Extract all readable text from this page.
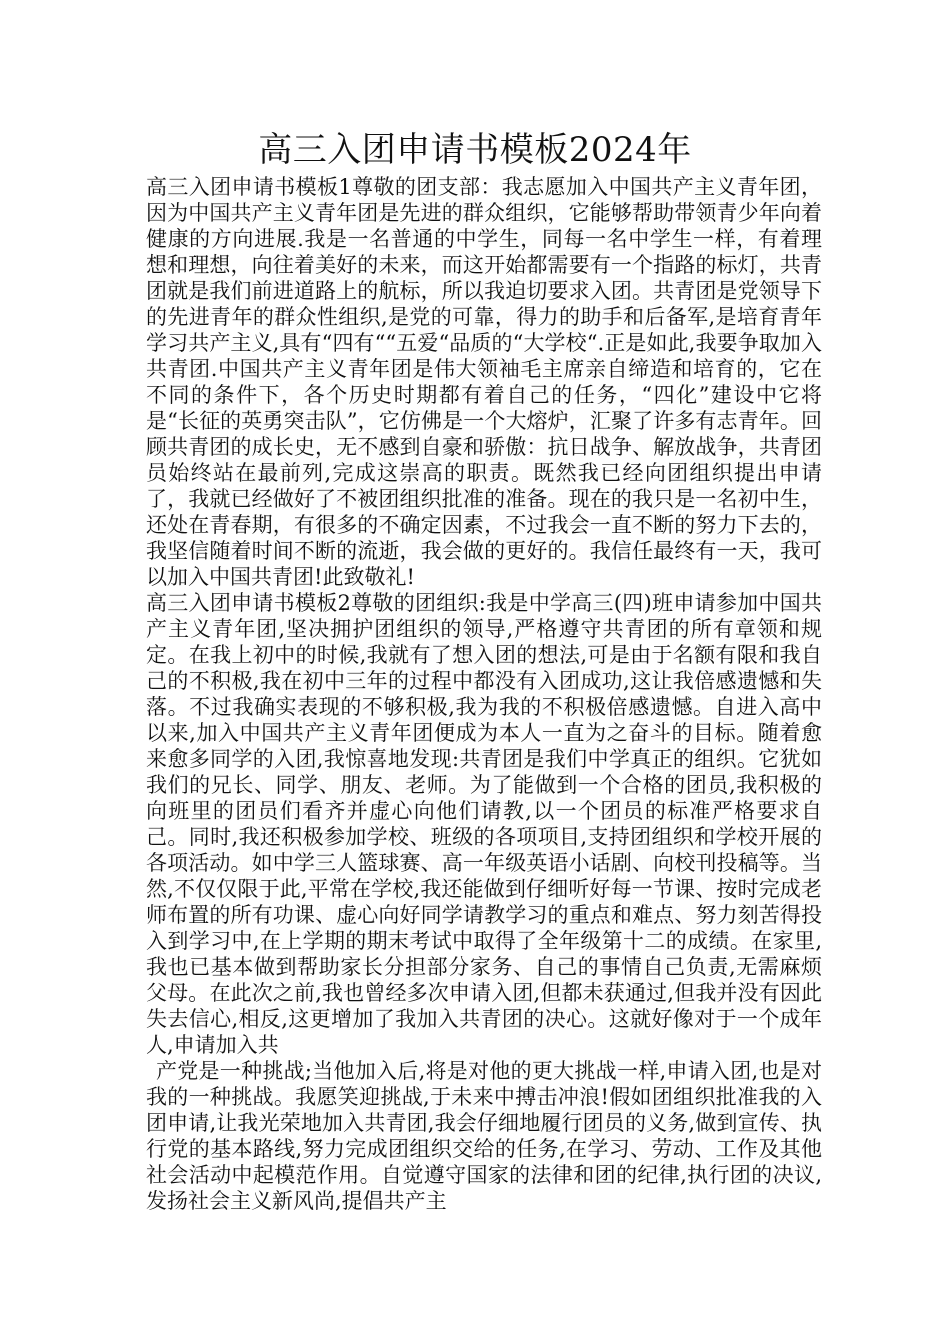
高三入团申请书模板2024年

高三入团申请书模板1尊敬的团支部：我志愿加入中国共产主义青年团，因为中国共产主义青年团是先进的群众组织，它能够帮助带领青少年向着健康的方向进展.我是一名普通的中学生，同每一名中学生一样，有着理想和理想，向往着美好的未来，而这开始都需要有一个指路的标灯，共青团就是我们前进道路上的航标，所以我迫切要求入团。共青团是党领导下的先进青年的群众性组织,是党的可靠，得力的助手和后备军,是培育青年学习共产主义,具有“四有““五爱“品质的“大学校“.正是如此,我要争取加入共青团.中国共产主义青年团是伟大领袖毛主席亲自缔造和培育的，它在不同的条件下，各个历史时期都有着自己的任务，“四化”建设中它将是“长征的英勇突击队”，它仿佛是一个大熔炉，汇聚了许多有志青年。回顾共青团的成长史，无不感到自豪和骄傲：抗日战争、解放战争，共青团员始终站在最前列,完成这崇高的职责。既然我已经向团组织提出申请了，我就已经做好了不被团组织批准的准备。现在的我只是一名初中生，还处在青春期，有很多的不确定因素，不过我会一直不断的努力下去的，我坚信随着时间不断的流逝，我会做的更好的。我信任最终有一天，我可以加入中国共青团!此致敬礼!

高三入团申请书模板2尊敬的团组织:我是中学高三(四)班申请参加中国共产主义青年团,坚决拥护团组织的领导,严格遵守共青团的所有章领和规定。在我上初中的时候,我就有了想入团的想法,可是由于名额有限和我自己的不积极,我在初中三年的过程中都没有入团成功,这让我倍感遗憾和失落。不过我确实表现的不够积极,我为我的不积极倍感遗憾。自进入高中以来,加入中国共产主义青年团便成为本人一直为之奋斗的目标。随着愈来愈多同学的入团,我惊喜地发现:共青团是我们中学真正的组织。它犹如我们的兄长、同学、朋友、老师。为了能做到一个合格的团员,我积极的向班里的团员们看齐并虚心向他们请教,以一个团员的标准严格要求自己。同时,我还积极参加学校、班级的各项项目,支持团组织和学校开展的各项活动。如中学三人篮球赛、高一年级英语小话剧、向校刊投稿等。当然,不仅仅限于此,平常在学校,我还能做到仔细听好每一节课、按时完成老师布置的所有功课、虚心向好同学请教学习的重点和难点、努力刻苦得投入到学习中,在上学期的期末考试中取得了全年级第十二的成绩。在家里,我也已基本做到帮助家长分担部分家务、自己的事情自己负责,无需麻烦父母。在此次之前,我也曾经多次申请入团,但都未获通过,但我并没有因此失去信心,相反,这更增加了我加入共青团的决心。这就好像对于一个成年人,申请加入共

产党是一种挑战;当他加入后,将是对他的更大挑战一样,申请入团,也是对我的一种挑战。我愿笑迎挑战,于未来中搏击冲浪!假如团组织批准我的入团申请,让我光荣地加入共青团,我会仔细地履行团员的义务,做到宣传、执行党的基本路线,努力完成团组织交给的任务,在学习、劳动、工作及其他社会活动中起模范作用。自觉遵守国家的法律和团的纪律,执行团的决议,发扬社会主义新风尚,提倡共产主
